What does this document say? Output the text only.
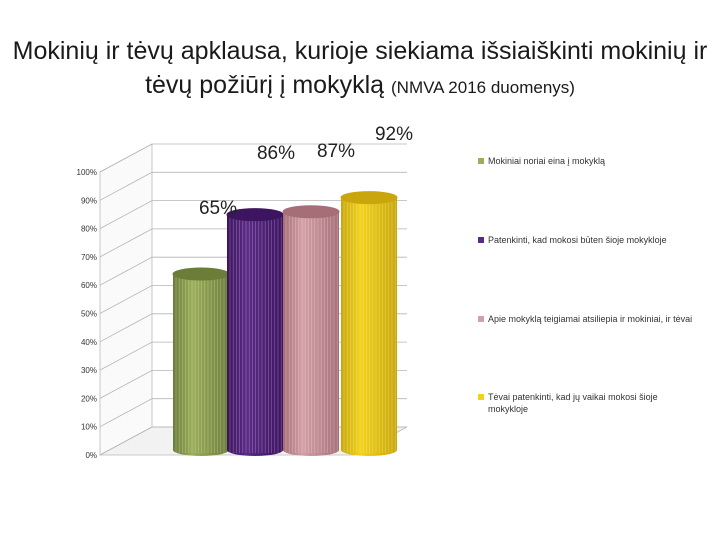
Mokinių ir tėvų apklausa, kurioje siekiama išsiaiškinti mokinių ir tėvų požiūrį į mokyklą (NMVA 2016 duomenys)
0%
10%
20%
30%
40%
50%
60%
70%
80%
90%
100%
65%
86% 87%
92%
Mokiniai noriai eina į mokyklą
Patenkinti, kad mokosi būten šioje mokykloje
Apie mokyklą teigiamai atsiliepia ir mokiniai, ir tėvai
Tėvai patenkinti, kad jų vaikai mokosi šioje mokykloje
